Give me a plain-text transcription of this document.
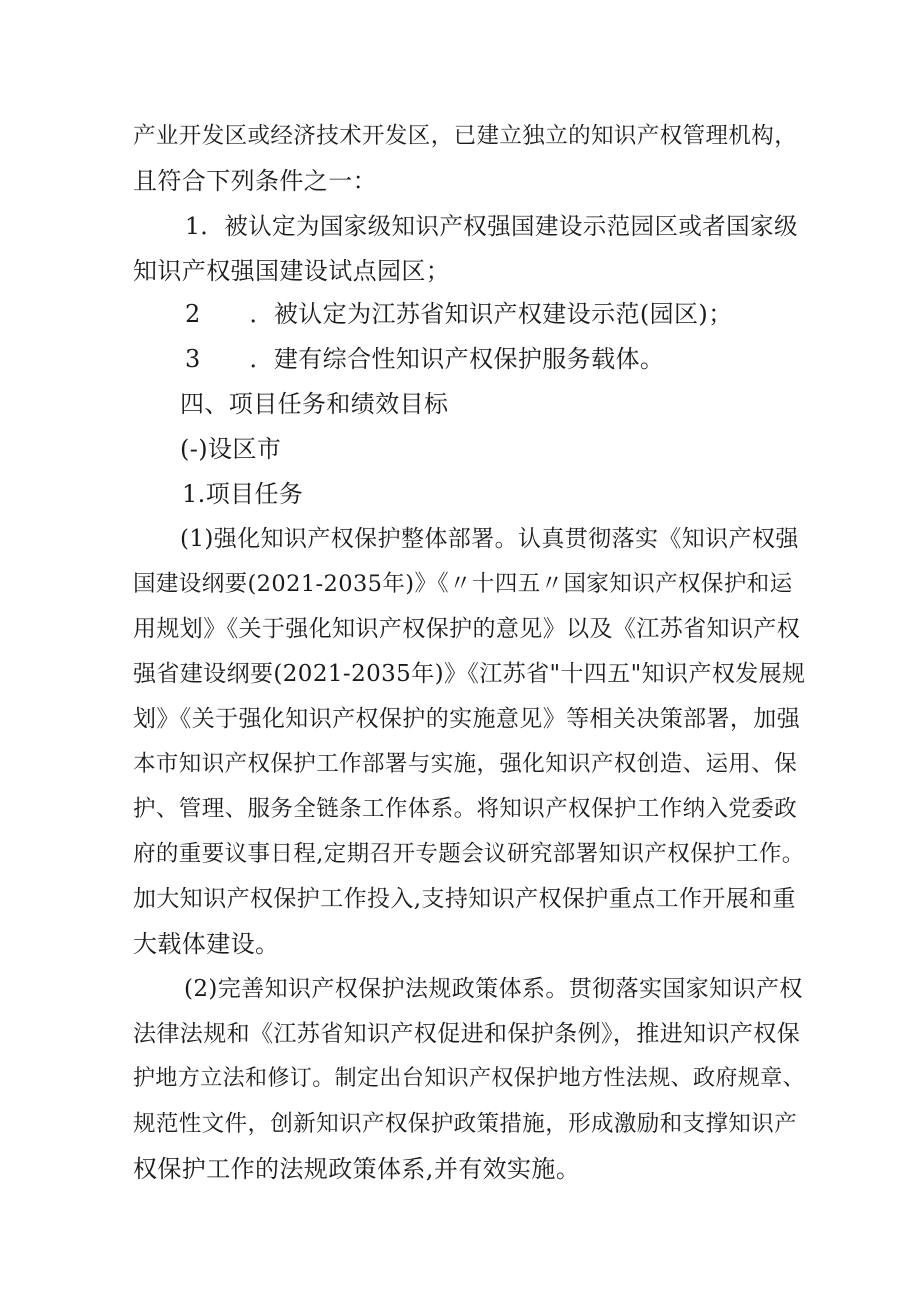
产业开发区或经济技术开发区，已建立独立的知识产权管理机构，
且符合下列条件之一：
1．被认定为国家级知识产权强国建设示范园区或者国家级
知识产权强国建设试点园区；
2　　．被认定为江苏省知识产权建设示范(园区)；
3　　．建有综合性知识产权保护服务载体。
四、项目任务和绩效目标
(-)设区市
1.项目任务
(1)强化知识产权保护整体部署。认真贯彻落实《知识产权强
国建设纲要(2021-2035年)》《〃十四五〃国家知识产权保护和运
用规划》《关于强化知识产权保护的意见》以及《江苏省知识产权
强省建设纲要(2021-2035年)》《江苏省"十四五"知识产权发展规
划》《关于强化知识产权保护的实施意见》等相关决策部署，加强
本市知识产权保护工作部署与实施，强化知识产权创造、运用、保
护、管理、服务全链条工作体系。将知识产权保护工作纳入党委政
府的重要议事日程,定期召开专题会议研究部署知识产权保护工作。
加大知识产权保护工作投入,支持知识产权保护重点工作开展和重
大载体建设。
(2)完善知识产权保护法规政策体系。贯彻落实国家知识产权
法律法规和《江苏省知识产权促进和保护条例》，推进知识产权保
护地方立法和修订。制定出台知识产权保护地方性法规、政府规章、
规范性文件，创新知识产权保护政策措施，形成激励和支撑知识产
权保护工作的法规政策体系,并有效实施。
